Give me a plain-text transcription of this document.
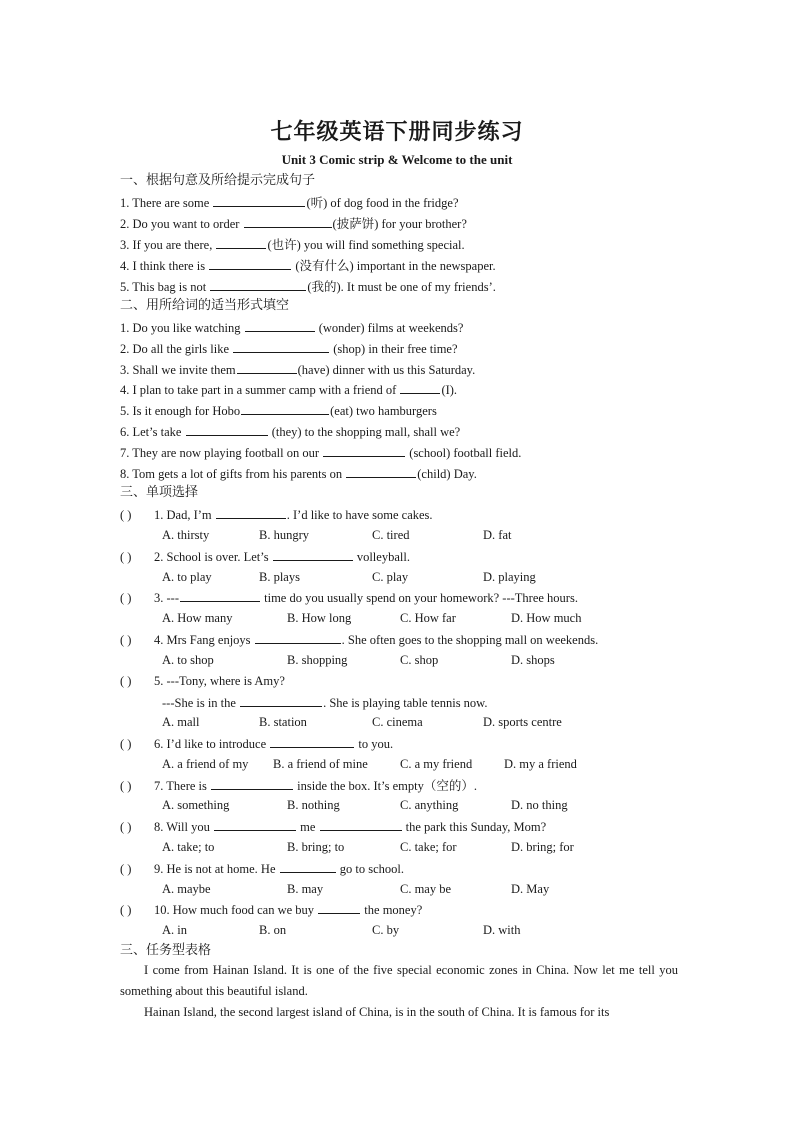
七年级英语下册同步练习
Unit 3 Comic strip & Welcome to the unit
一、根据句意及所给提示完成句子
1. There are some	(听) of dog food in the fridge?
2. Do you want to order	(披萨饼) for your brother?
3. If you are there,	(也许) you will find something special.
4. I think there is	(没有什么) important in the newspaper.
5. This bag is not	(我的). It must be one of my friends’.
二、用所给词的适当形式填空
1. Do you like watching	(wonder) films at weekends?
2. Do all the girls like	(shop) in their free time?
3. Shall we invite them	(have) dinner with us this Saturday.
4. I plan to take part in a summer camp with a friend of	(I).
5. Is it enough for Hobo	(eat) two hamburgers
6. Let’s take	(they) to the shopping mall, shall we?
7. They are now playing football on our	(school) football field.
8. Tom gets a lot of gifts from his parents on	(child) Day.
三、单项选择
( ) 1. Dad, I’m	. I’d like to have some cakes.
A. thirsty	B. hungry	C. tired	D. fat
( ) 2. School is over. Let’s	volleyball.
A. to play	B. plays	C. play	D. playing
( ) 3. ---	time do you usually spend on your homework? ---Three hours.
A. How many	B. How long	C. How far	D. How much
( ) 4. Mrs Fang enjoys	. She often goes to the shopping mall on weekends.
A. to shop	B. shopping	C. shop	D. shops
( ) 5. ---Tony, where is Amy?
---She is in the	. She is playing table tennis now.
A. mall	B. station	C. cinema	D. sports centre
( ) 6. I’d like to introduce	to you.
A. a friend of my B. a friend of mine	C. a my friend	D. my a friend
( ) 7. There is	inside the box. It’s empty（空的）.
A. something	B. nothing	C. anything	D. no thing
( ) 8. Will you	me	the park this Sunday, Mom?
A. take; to	B. bring; to	C. take; for	D. bring; for
( ) 9. He is not at home. He	go to school.
A. maybe	B. may	C. may be	D. May
( ) 10. How much food can we buy	the money?
A. in	B. on	C. by	D. with
三、任务型表格
I come from Hainan Island. It is one of the five special economic zones in China. Now let me tell you something about this beautiful island.
Hainan Island, the second largest island of China, is in the south of China. It is famous for its
